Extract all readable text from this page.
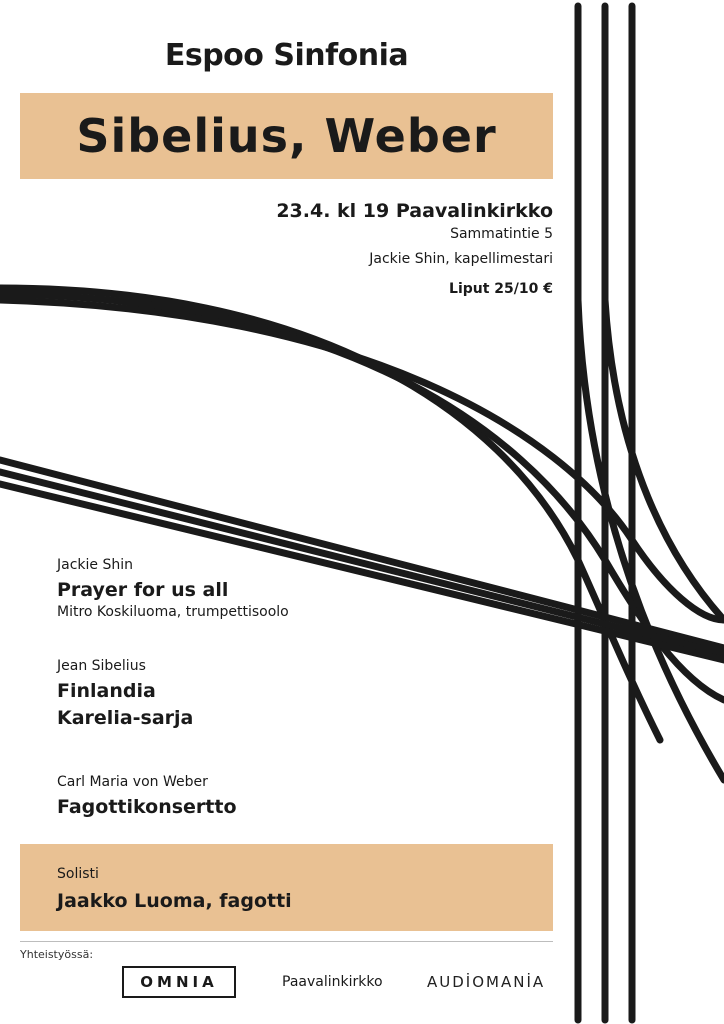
Espoo Sinfonia
Sibelius, Weber
23.4. kl 19 Paavalinkirkko
Sammatintie 5
Jackie Shin, kapellimestari
Liput 25/10 €
Jackie Shin
Prayer for us all
Mitro Koskiluoma, trumpettisoolo
Jean Sibelius
Finlandia
Karelia-sarja
Carl Maria von Weber
Fagottikonsertto
Solisti
Jaakko Luoma, fagotti
Yhteistyössä:
OMNIA	Paavalinkirkko	AUDİOMANİA
